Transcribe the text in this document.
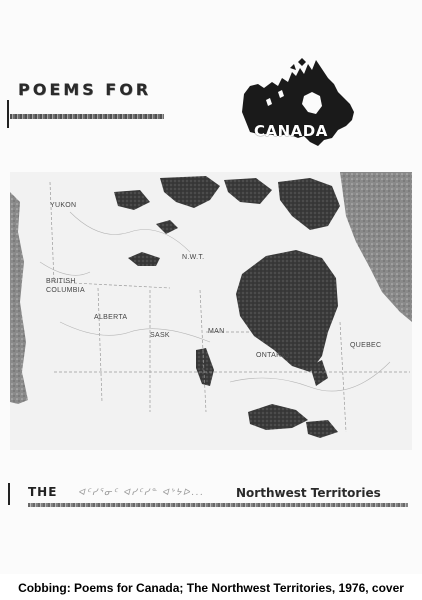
POEMS FOR
CANADA
YUKON
N.W.T.
BRITISH COLUMBIA
ALBERTA
SASK
MAN
ONTARIO
QUEBEC
THE ᐊᑦᓯᕐᓂᑦ ᐊᓯᑦᓯᓐ ᐊᔾᔭᐅ...	Northwest Territories
Cobbing: Poems for Canada; The Northwest Territories, 1976, cover
